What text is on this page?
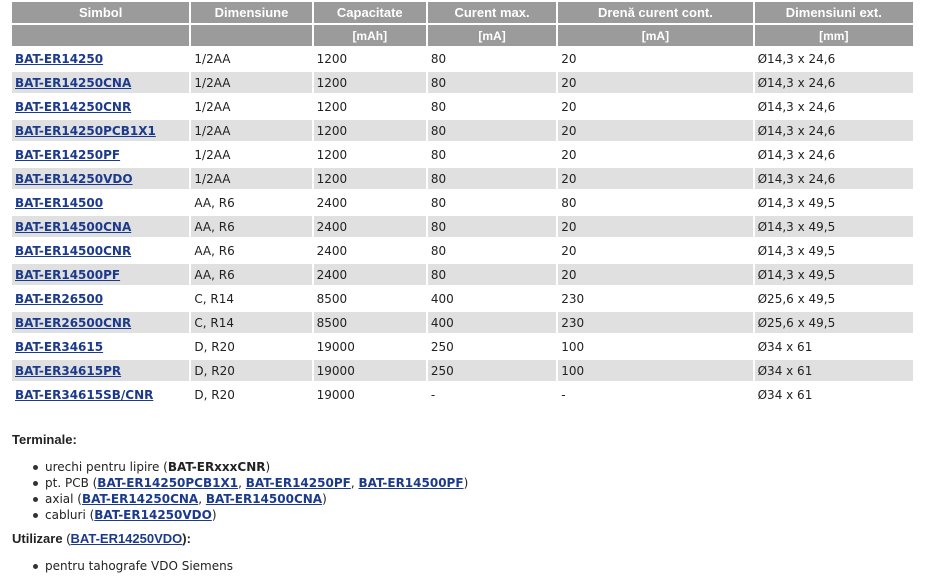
Simbol	Dimensiune	Capacitate	Curent max.	Drenă curent cont.	Dimensiuni ext.
		[mAh]	[mA]	[mA]	[mm]
BAT-ER14250	1/2AA	1200	80	20	Ø14,3 x 24,6
BAT-ER14250CNA	1/2AA	1200	80	20	Ø14,3 x 24,6
BAT-ER14250CNR	1/2AA	1200	80	20	Ø14,3 x 24,6
BAT-ER14250PCB1X1	1/2AA	1200	80	20	Ø14,3 x 24,6
BAT-ER14250PF	1/2AA	1200	80	20	Ø14,3 x 24,6
BAT-ER14250VDO	1/2AA	1200	80	20	Ø14,3 x 24,6
BAT-ER14500	AA, R6	2400	80	80	Ø14,3 x 49,5
BAT-ER14500CNA	AA, R6	2400	80	20	Ø14,3 x 49,5
BAT-ER14500CNR	AA, R6	2400	80	20	Ø14,3 x 49,5
BAT-ER14500PF	AA, R6	2400	80	20	Ø14,3 x 49,5
BAT-ER26500	C, R14	8500	400	230	Ø25,6 x 49,5
BAT-ER26500CNR	C, R14	8500	400	230	Ø25,6 x 49,5
BAT-ER34615	D, R20	19000	250	100	Ø34 x 61
BAT-ER34615PR	D, R20	19000	250	100	Ø34 x 61
BAT-ER34615SB/CNR	D, R20	19000	-	-	Ø34 x 61
Terminale:
urechi pentru lipire (BAT-ERxxxCNR)
pt. PCB (BAT-ER14250PCB1X1, BAT-ER14250PF, BAT-ER14500PF)
axial (BAT-ER14250CNA, BAT-ER14500CNA)
cabluri (BAT-ER14250VDO)
Utilizare (BAT-ER14250VDO):
pentru tahografe VDO Siemens
